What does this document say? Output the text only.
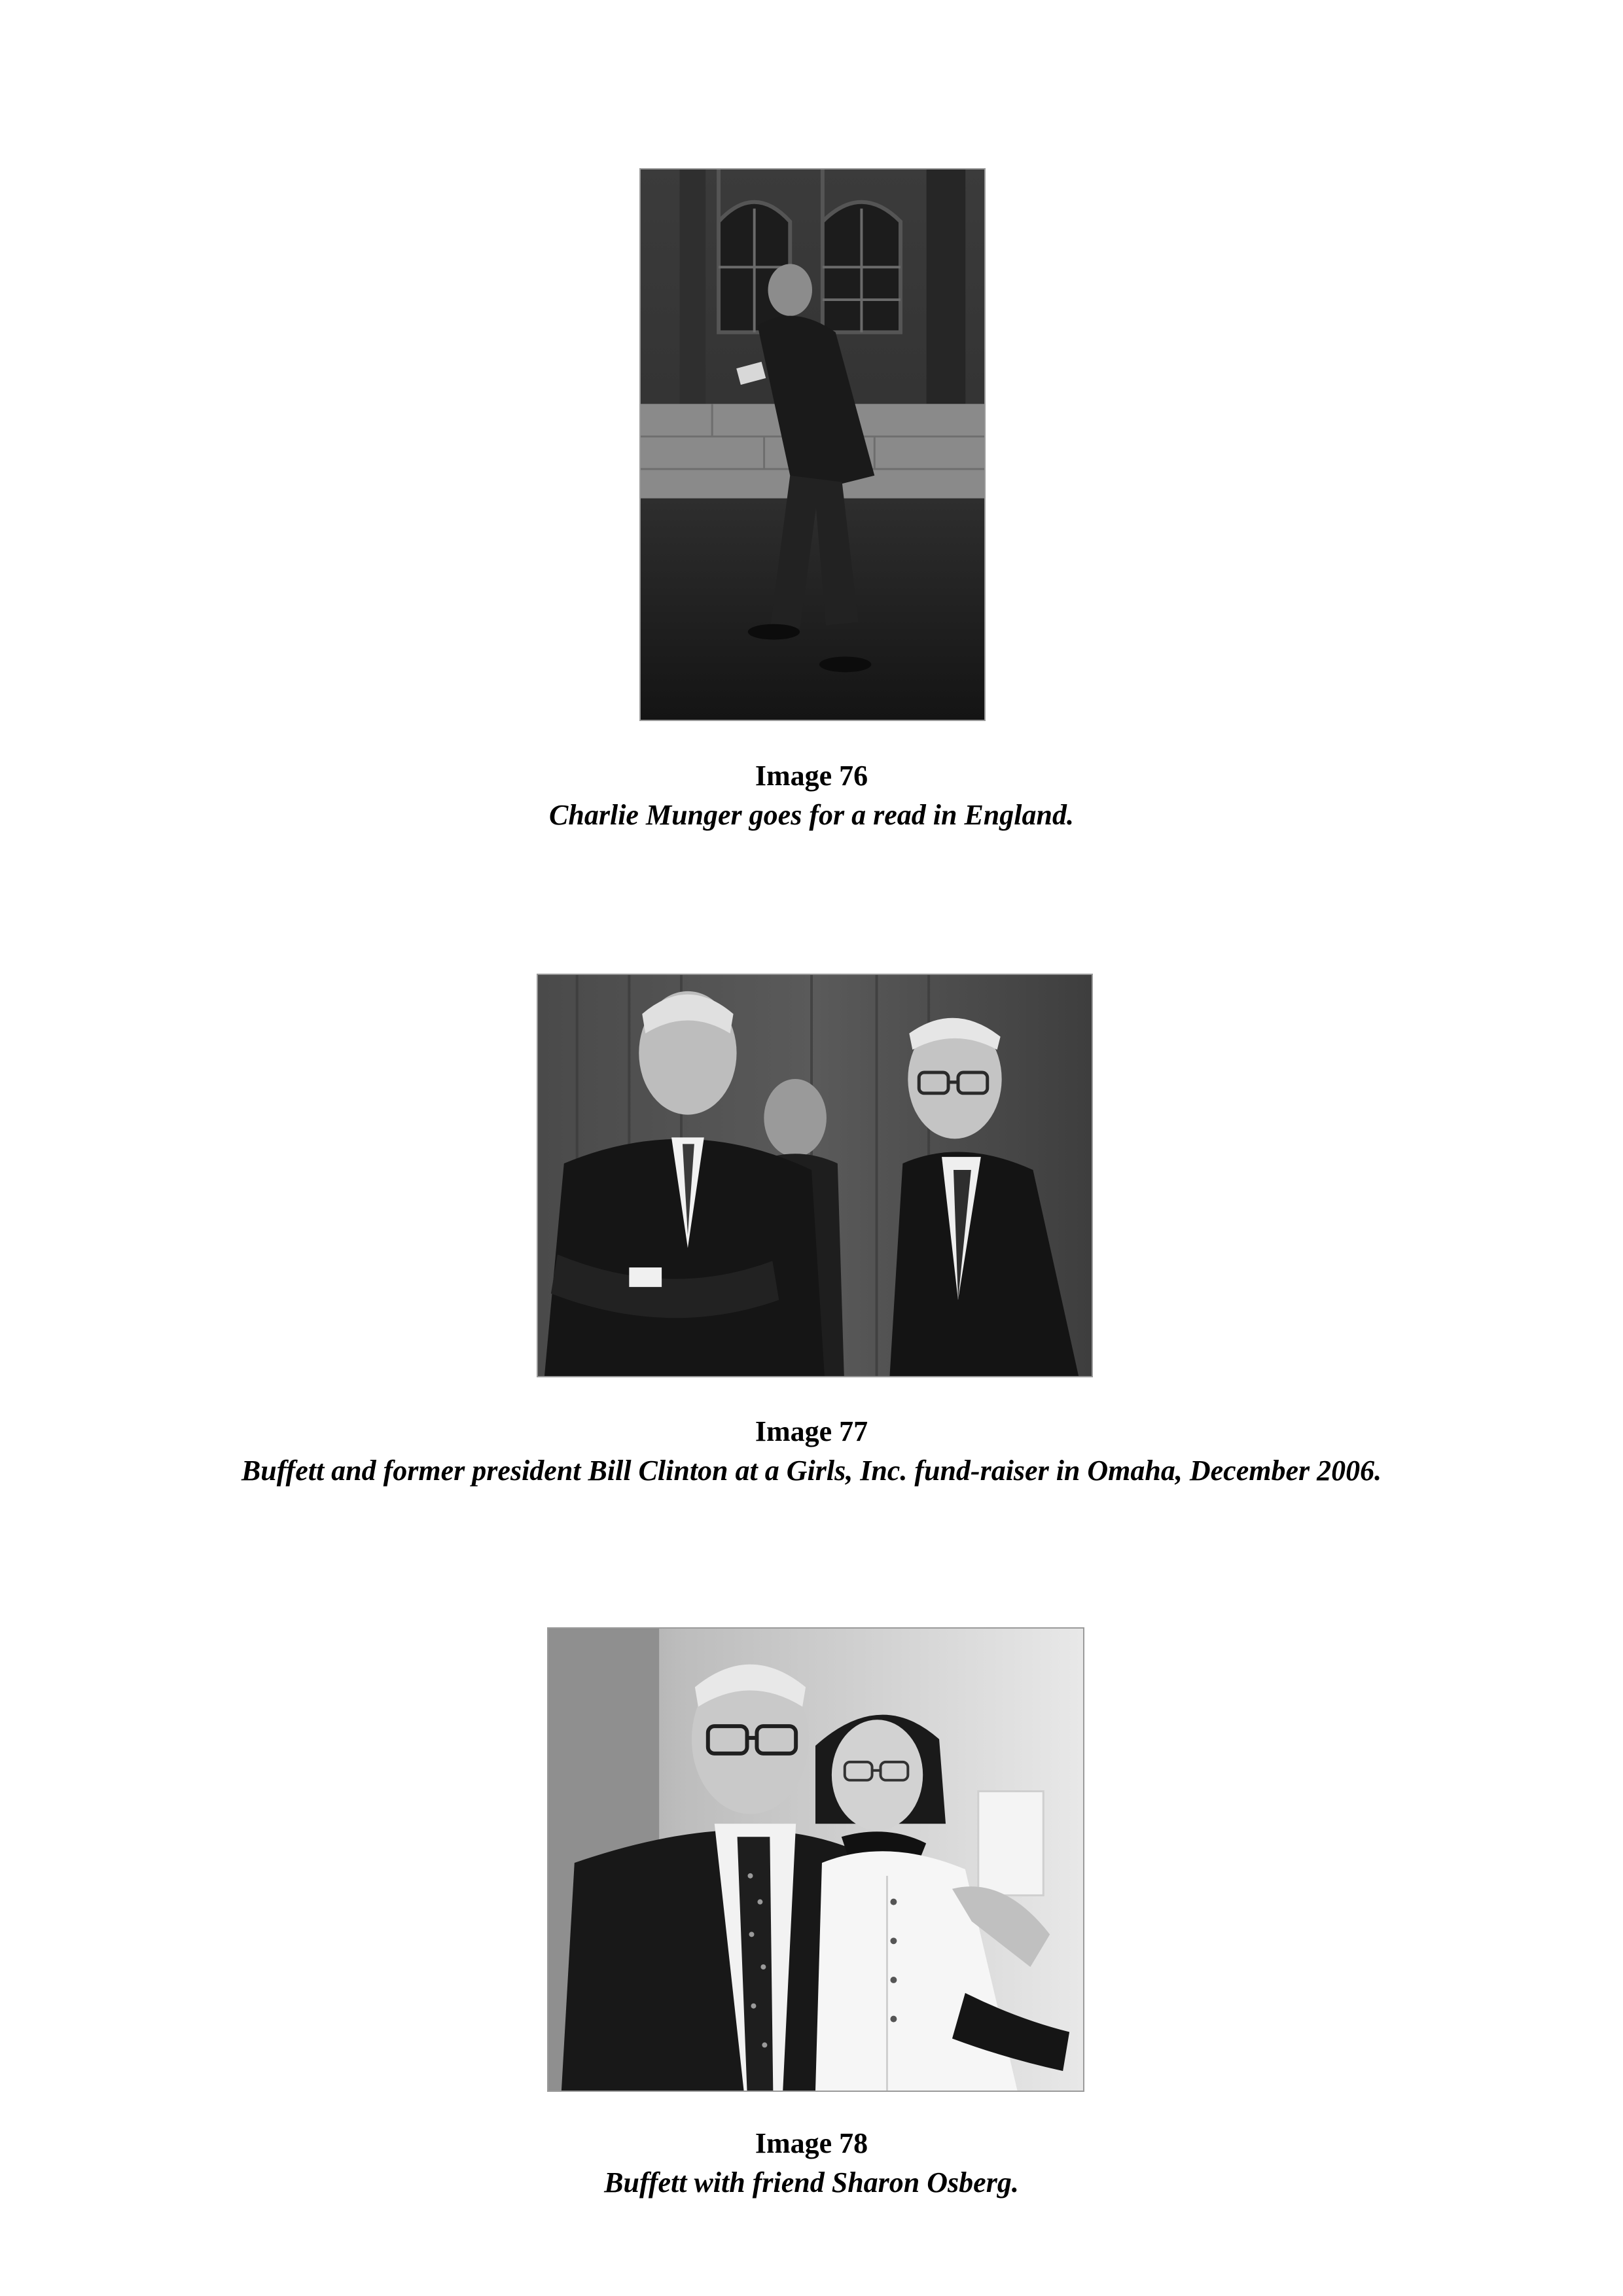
Image 76
Charlie Munger goes for a read in England.
Image 77
Buffett and former president Bill Clinton at a Girls, Inc. fund-raiser in Omaha, December 2006.
Image 78
Buffett with friend Sharon Osberg.
